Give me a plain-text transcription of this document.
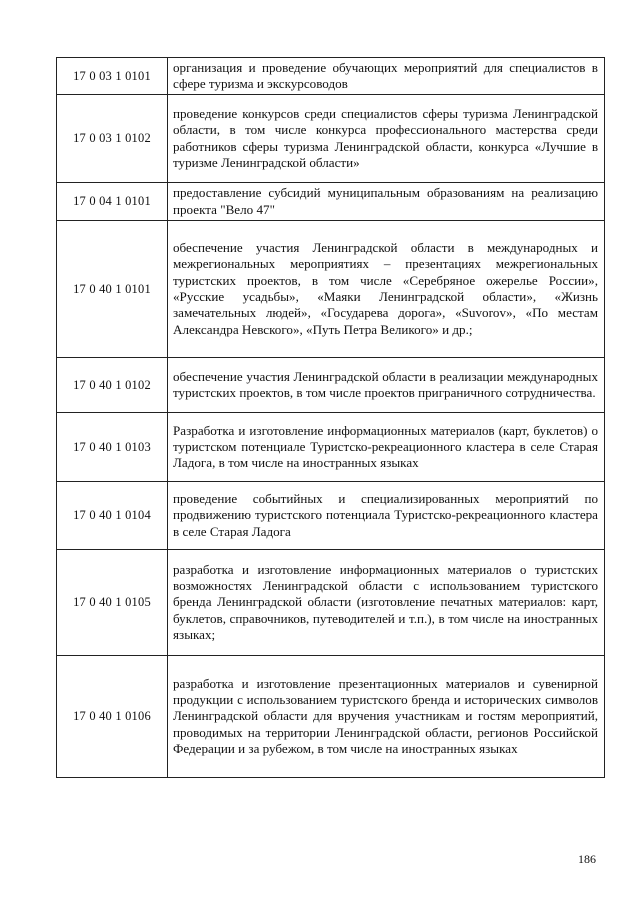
17 0 03 1 0101	организация и проведение обучающих мероприятий для специалистов в сфере туризма и экскурсоводов
17 0 03 1 0102	проведение конкурсов среди специалистов сферы туризма Ленинградской области, в том числе конкурса профессионального мастерства среди работников сферы туризма Ленинградской области, конкурса «Лучшие в туризме Ленинградской области»
17 0 04 1 0101	предоставление субсидий муниципальным образованиям на реализацию проекта "Вело 47"
17 0 40 1 0101	обеспечение участия Ленинградской области в международных и межрегиональных мероприятиях – презентациях межрегиональных туристских проектов, в том числе «Серебряное ожерелье России», «Русские усадьбы», «Маяки Ленинградской области», «Жизнь замечательных людей», «Государева дорога», «Suvorov», «По местам Александра Невского», «Путь Петра Великого» и др.;
17 0 40 1 0102	обеспечение участия Ленинградской области в реализации международных туристских проектов, в том числе проектов приграничного сотрудничества.
17 0 40 1 0103	Разработка и изготовление информационных материалов (карт, буклетов) о туристском потенциале Туристско-рекреационного кластера в селе Старая Ладога, в том числе на иностранных языках
17 0 40 1 0104	проведение событийных и специализированных мероприятий по продвижению туристского потенциала Туристско-рекреационного кластера в селе Старая Ладога
17 0 40 1 0105	разработка и изготовление информационных материалов о туристских возможностях Ленинградской области с использованием туристского бренда Ленинградской области (изготовление печатных материалов: карт, буклетов, справочников, путеводителей и т.п.), в том числе на иностранных языках;
17 0 40 1 0106	разработка и изготовление презентационных материалов и сувенирной продукции с использованием туристского бренда и исторических символов Ленинградской области для вручения участникам и гостям мероприятий, проводимых на территории Ленинградской области, регионов Российской Федерации и за рубежом, в том числе на иностранных языках
186
